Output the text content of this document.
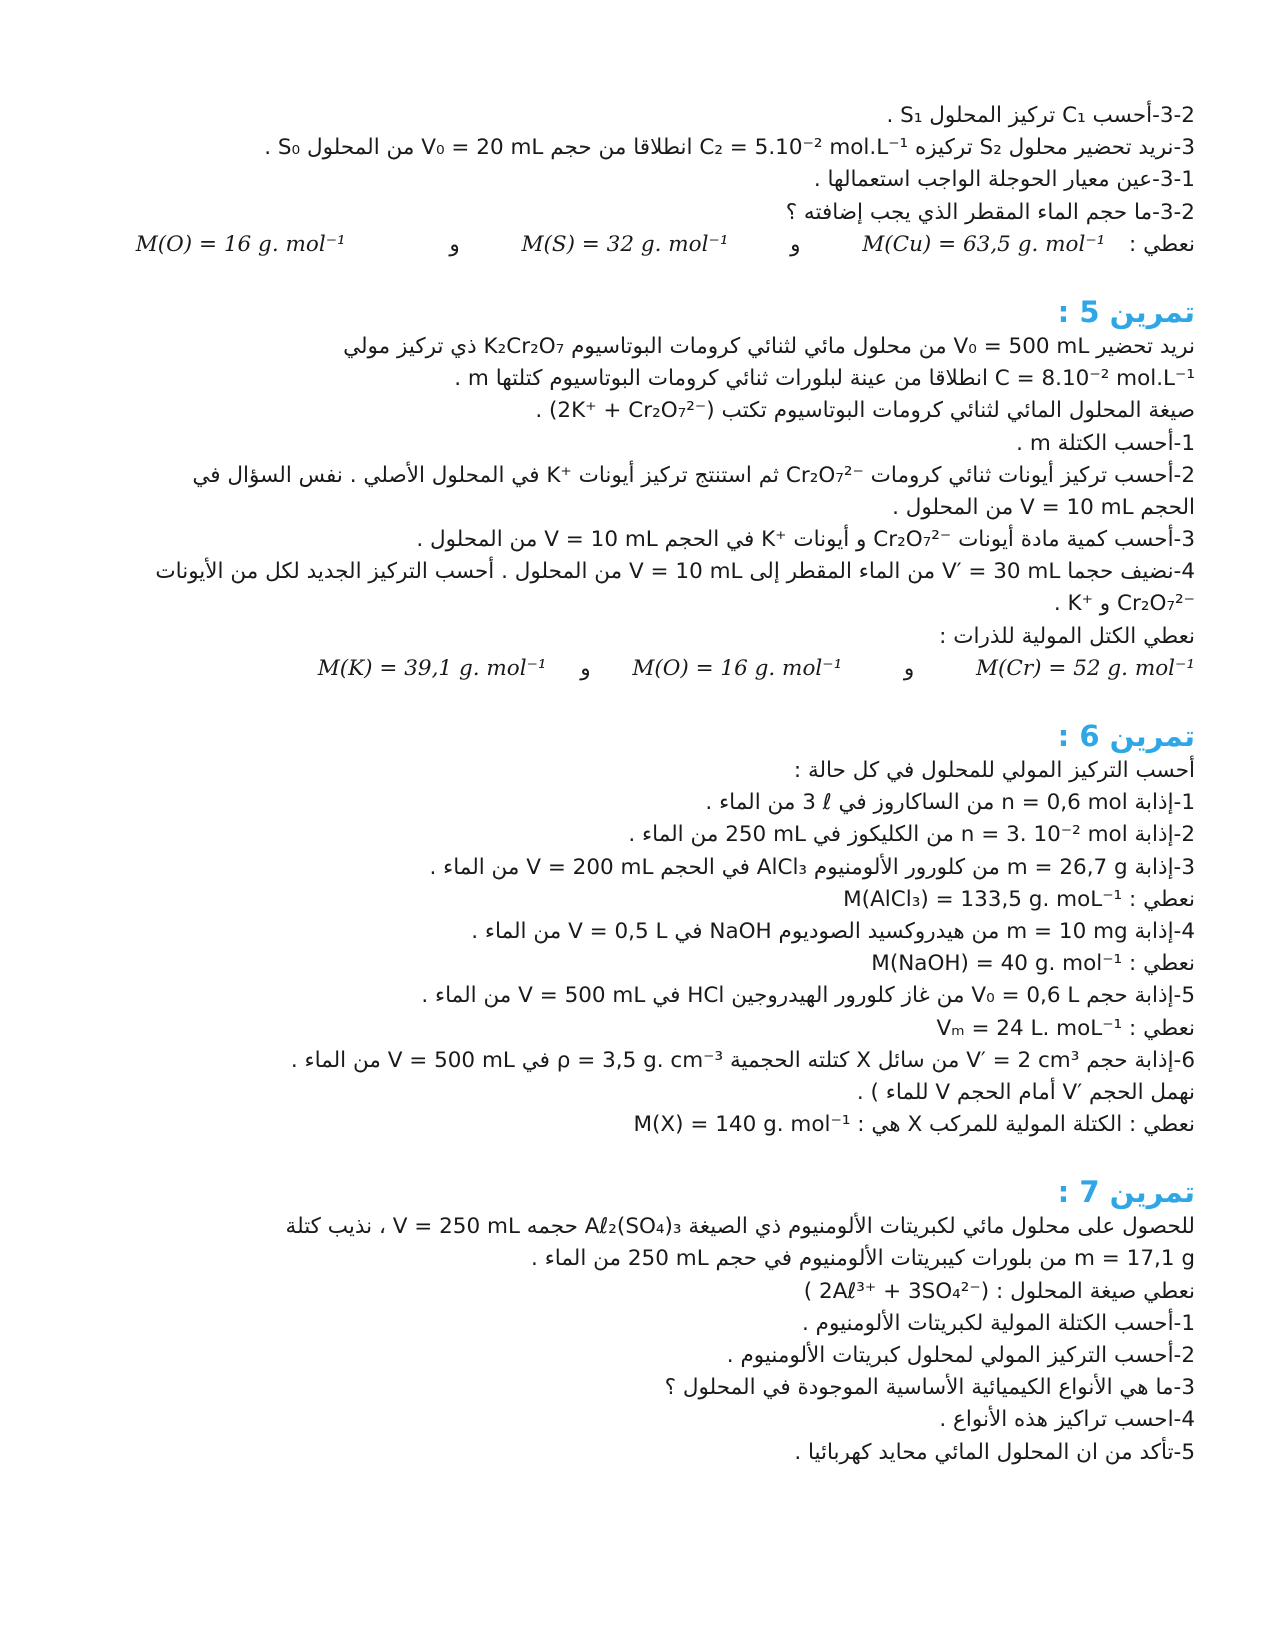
3-2-أحسب ‎C₁‎ تركيز المحلول ‎S₁‎ .
3-نريد تحضير محلول ‎S₂‎ تركيزه ‎C₂ = 5.10⁻² mol.L⁻¹‎ انطلاقا من حجم ‎V₀ = 20 mL‎ من المحلول ‎S₀‎ .
3-1-عين معيار الحوجلة الواجب استعمالها .
3-2-ما حجم الماء المقطر الذي يجب إضافته ؟
نعطي :  M(Cu) = 63,5 g. mol⁻¹  و  M(S) = 32 g. mol⁻¹  و  M(O) = 16 g. mol⁻¹
تمرين 5 :
نريد تحضير ‎V₀ = 500 mL‎ من محلول مائي لثنائي كرومات البوتاسيوم ‎K₂Cr₂O₇‎ ذي تركيز مولي
‎C = 8.10⁻² mol.L⁻¹‎ انطلاقا من عينة لبلورات ثنائي كرومات البوتاسيوم كتلتها ‎m‎ .
صيغة المحلول المائي لثنائي كرومات البوتاسيوم تكتب ‎(2K⁺ + Cr₂O₇²⁻)‎ .
1-أحسب الكتلة ‎m‎ .
2-أحسب تركيز أيونات ثنائي كرومات ‎Cr₂O₇²⁻‎ ثم استنتج تركيز أيونات ‎K⁺‎ في المحلول الأصلي . نفس السؤال في
الحجم ‎V = 10 mL‎ من المحلول .
3-أحسب كمية مادة أيونات ‎Cr₂O₇²⁻‎ و أيونات ‎K⁺‎ في الحجم ‎V = 10 mL‎ من المحلول .
4-نضيف حجما ‎V′ = 30 mL‎ من الماء المقطر إلى ‎V = 10 mL‎ من المحلول . أحسب التركيز الجديد لكل من الأيونات
‎Cr₂O₇²⁻‎ و ‎K⁺‎ .
نعطي الكتل المولية للذرات :
M(Cr) = 52 g. mol⁻¹  و  M(O) = 16 g. mol⁻¹  و  M(K) = 39,1 g. mol⁻¹
تمرين 6 :
أحسب التركيز المولي للمحلول في كل حالة :
1-إذابة ‎n = 0,6 mol‎ من الساكاروز في ‎3 ℓ‎ من الماء .
2-إذابة ‎n = 3. 10⁻² mol‎ من الكليكوز في ‎250 mL‎ من الماء .
3-إذابة ‎m = 26,7 g‎ من كلورور الألومنيوم ‎AlCl₃‎ في الحجم ‎V = 200 mL‎ من الماء .
نعطي : ‎M(AlCl₃) = 133,5 g. moL⁻¹‎
4-إذابة ‎m = 10 mg‎ من هيدروكسيد الصوديوم ‎NaOH‎ في ‎V = 0,5 L‎ من الماء .
نعطي : ‎M(NaOH) = 40 g. mol⁻¹‎
5-إذابة حجم ‎V₀ = 0,6 L‎ من غاز كلورور الهيدروجين ‎HCl‎ في ‎V = 500 mL‎ من الماء .
نعطي : ‎Vₘ = 24 L. moL⁻¹‎
6-إذابة حجم ‎V′ = 2 cm³‎ من سائل ‎X‎ كتلته الحجمية ‎ρ = 3,5 g. cm⁻³‎ في ‎V = 500 mL‎ من الماء .
نهمل الحجم ‎V′‎ أمام الحجم ‎V‎ للماء ) .
نعطي : الكتلة المولية للمركب ‎X‎ هي : ‎M(X) = 140 g. mol⁻¹‎
تمرين 7 :
للحصول على محلول مائي لكبريتات الألومنيوم ذي الصيغة ‎Aℓ₂(SO₄)₃‎ حجمه ‎V = 250 mL‎ ، نذيب كتلة
‎m = 17,1 g‎ من بلورات كيبريتات الألومنيوم في حجم ‎250 mL‎ من الماء .
نعطي صيغة المحلول : ‎( 2Aℓ³⁺ + 3SO₄²⁻)‎
1-أحسب الكتلة المولية لكبريتات الألومنيوم .
2-أحسب التركيز المولي لمحلول كبريتات الألومنيوم .
3-ما هي الأنواع الكيميائية الأساسية الموجودة في المحلول ؟
4-احسب تراكيز هذه الأنواع .
5-تأكد من ان المحلول المائي محايد كهربائيا .
